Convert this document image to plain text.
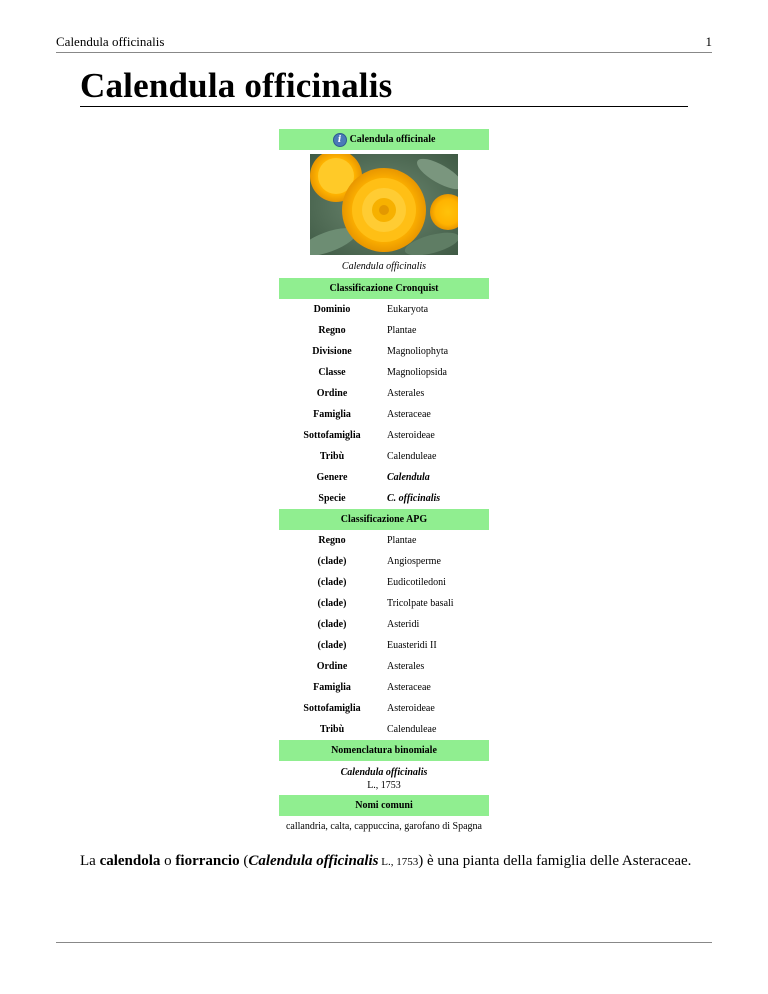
Calendula officinalis	1
Calendula officinalis
i Calendula officinale
Calendula officinalis
Classificazione Cronquist
Dominio	Eukaryota
Regno	Plantae
Divisione	Magnoliophyta
Classe	Magnoliopsida
Ordine	Asterales
Famiglia	Asteraceae
Sottofamiglia	Asteroideae
Tribù	Calenduleae
Genere	Calendula
Specie	C. officinalis
Classificazione APG
Regno	Plantae
(clade)	Angiosperme
(clade)	Eudicotiledoni
(clade)	Tricolpate basali
(clade)	Asteridi
(clade)	Euasteridi II
Ordine	Asterales
Famiglia	Asteraceae
Sottofamiglia	Asteroideae
Tribù	Calenduleae
Nomenclatura binomiale
Calendula officinalis
L., 1753
Nomi comuni
callandria, calta, cappuccina, garofano di Spagna

La calendola o fiorrancio (Calendula officinalis L., 1753) è una pianta della famiglia delle Asteraceae.
